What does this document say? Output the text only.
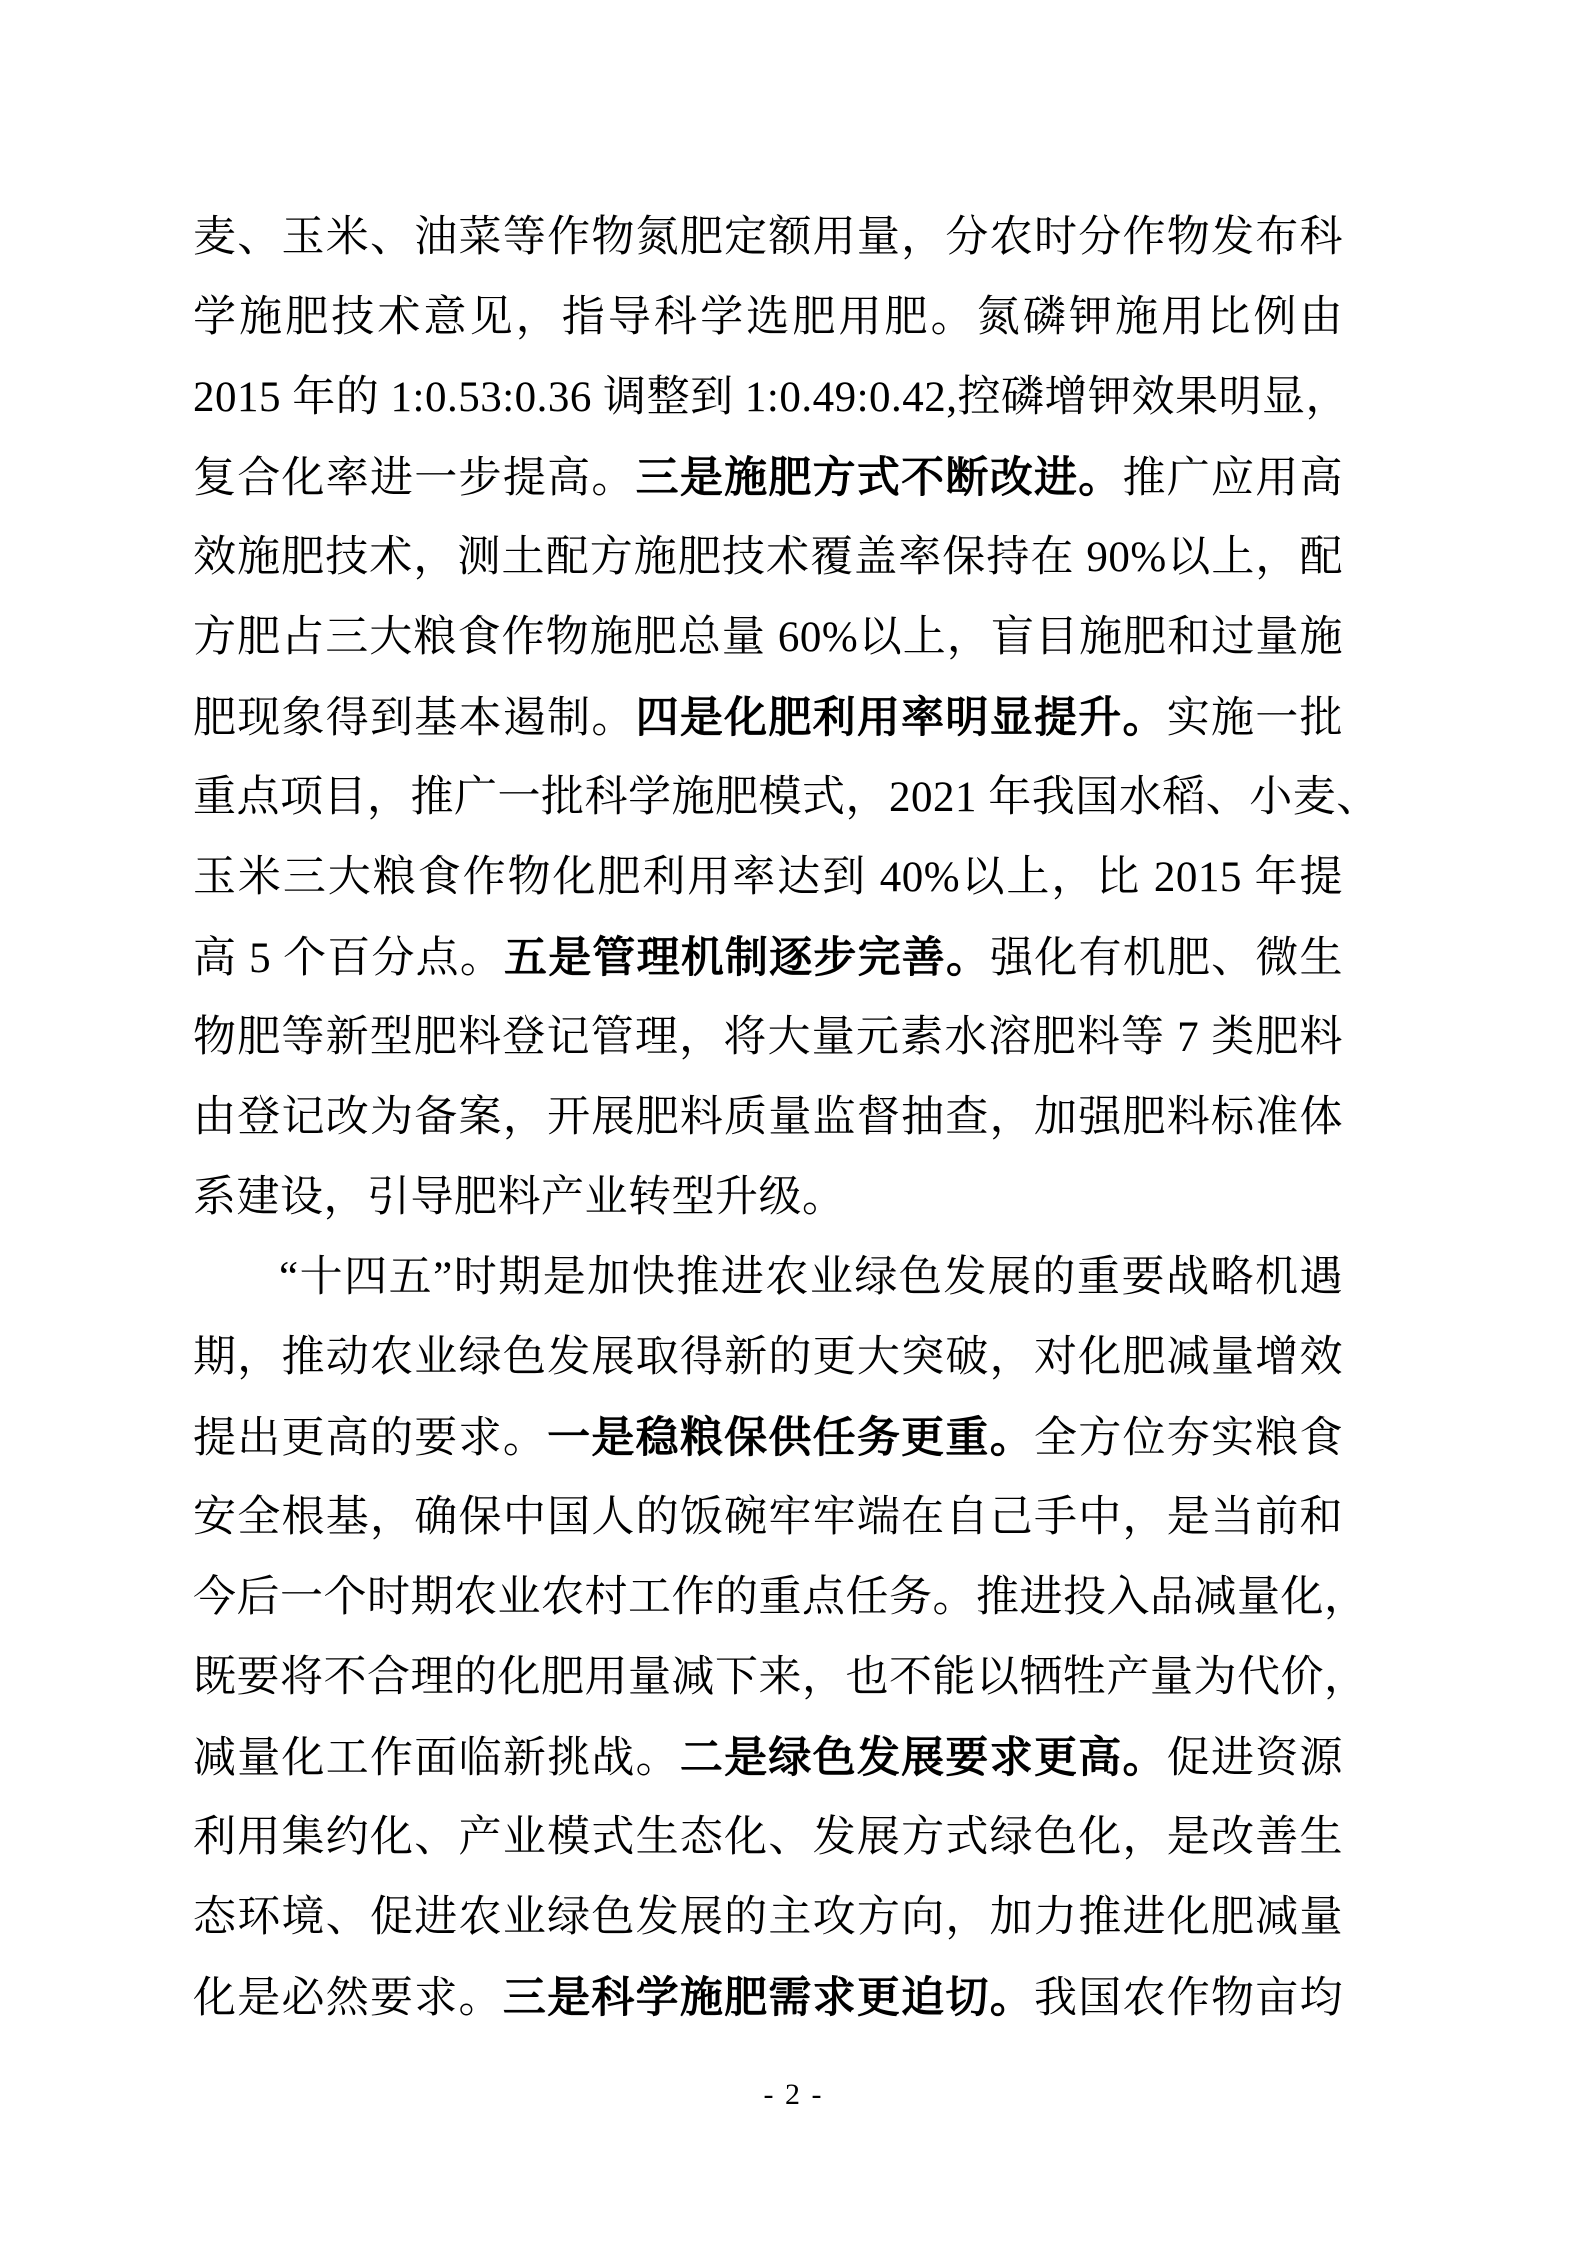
麦、玉米、油菜等作物氮肥定额用量，分农时分作物发布科
学施肥技术意见，指导科学选肥用肥。氮磷钾施用比例由
2015 年的 1:0.53:0.36 调整到 1:0.49:0.42,控磷增钾效果明显，
复合化率进一步提高。三是施肥方式不断改进。推广应用高
效施肥技术，测土配方施肥技术覆盖率保持在 90%以上，配
方肥占三大粮食作物施肥总量 60%以上，盲目施肥和过量施
肥现象得到基本遏制。四是化肥利用率明显提升。实施一批
重点项目，推广一批科学施肥模式，2021 年我国水稻、小麦、
玉米三大粮食作物化肥利用率达到 40%以上，比 2015 年提
高 5 个百分点。五是管理机制逐步完善。强化有机肥、微生
物肥等新型肥料登记管理，将大量元素水溶肥料等 7 类肥料
由登记改为备案，开展肥料质量监督抽查，加强肥料标准体
系建设，引导肥料产业转型升级。
“十四五”时期是加快推进农业绿色发展的重要战略机遇
期，推动农业绿色发展取得新的更大突破，对化肥减量增效
提出更高的要求。一是稳粮保供任务更重。全方位夯实粮食
安全根基，确保中国人的饭碗牢牢端在自己手中，是当前和
今后一个时期农业农村工作的重点任务。推进投入品减量化，
既要将不合理的化肥用量减下来，也不能以牺牲产量为代价，
减量化工作面临新挑战。二是绿色发展要求更高。促进资源
利用集约化、产业模式生态化、发展方式绿色化，是改善生
态环境、促进农业绿色发展的主攻方向，加力推进化肥减量
化是必然要求。三是科学施肥需求更迫切。我国农作物亩均
- 2 -
